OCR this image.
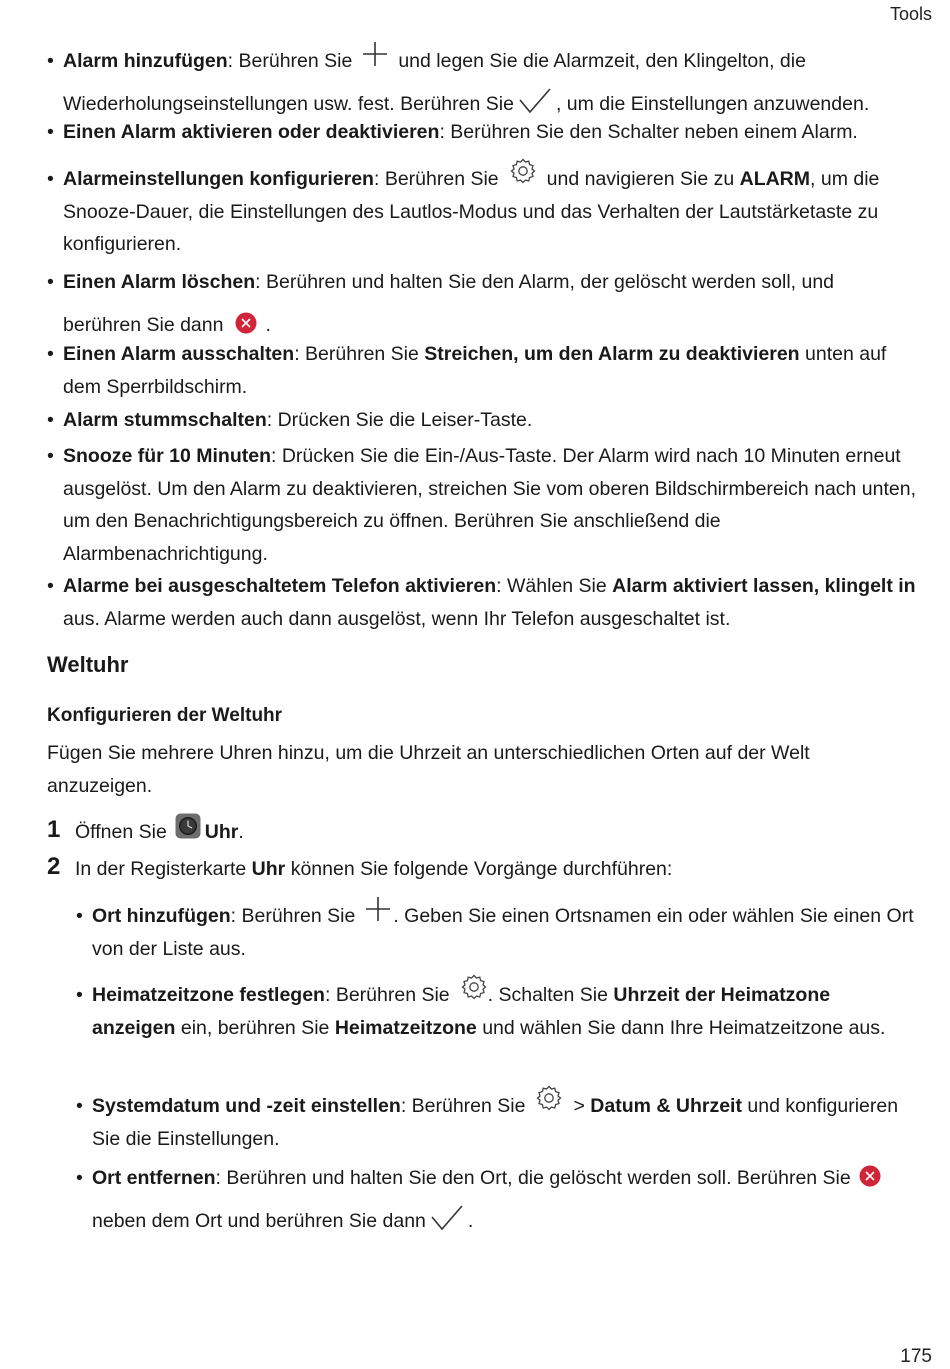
Tools
• Alarm hinzufügen: Berühren Sie und legen Sie die Alarmzeit, den Klingelton, die Wiederholungseinstellungen usw. fest. Berühren Sie , um die Einstellungen anzuwenden.
• Einen Alarm aktivieren oder deaktivieren: Berühren Sie den Schalter neben einem Alarm.
• Alarmeinstellungen konfigurieren: Berühren Sie und navigieren Sie zu ALARM, um die Snooze-Dauer, die Einstellungen des Lautlos-Modus und das Verhalten der Lautstärketaste zu konfigurieren.
• Einen Alarm löschen: Berühren und halten Sie den Alarm, der gelöscht werden soll, und berühren Sie dann .
• Einen Alarm ausschalten: Berühren Sie Streichen, um den Alarm zu deaktivieren unten auf dem Sperrbildschirm.
• Alarm stummschalten: Drücken Sie die Leiser-Taste.
• Snooze für 10 Minuten: Drücken Sie die Ein-/Aus-Taste. Der Alarm wird nach 10 Minuten erneut ausgelöst. Um den Alarm zu deaktivieren, streichen Sie vom oberen Bildschirmbereich nach unten, um den Benachrichtigungsbereich zu öffnen. Berühren Sie anschließend die Alarmbenachrichtigung.
• Alarme bei ausgeschaltetem Telefon aktivieren: Wählen Sie Alarm aktiviert lassen, klingelt in aus. Alarme werden auch dann ausgelöst, wenn Ihr Telefon ausgeschaltet ist.
Weltuhr
Konfigurieren der Weltuhr
Fügen Sie mehrere Uhren hinzu, um die Uhrzeit an unterschiedlichen Orten auf der Welt anzuzeigen.
1 Öffnen Sie Uhr.
2 In der Registerkarte Uhr können Sie folgende Vorgänge durchführen:
• Ort hinzufügen: Berühren Sie . Geben Sie einen Ortsnamen ein oder wählen Sie einen Ort von der Liste aus.
• Heimatzeitzone festlegen: Berühren Sie . Schalten Sie Uhrzeit der Heimatzone anzeigen ein, berühren Sie Heimatzeitzone und wählen Sie dann Ihre Heimatzeitzone aus.
• Systemdatum und -zeit einstellen: Berühren Sie > Datum & Uhrzeit und konfigurieren Sie die Einstellungen.
• Ort entfernen: Berühren und halten Sie den Ort, die gelöscht werden soll. Berühren Sieneben dem Ort und berühren Sie dann .
175
